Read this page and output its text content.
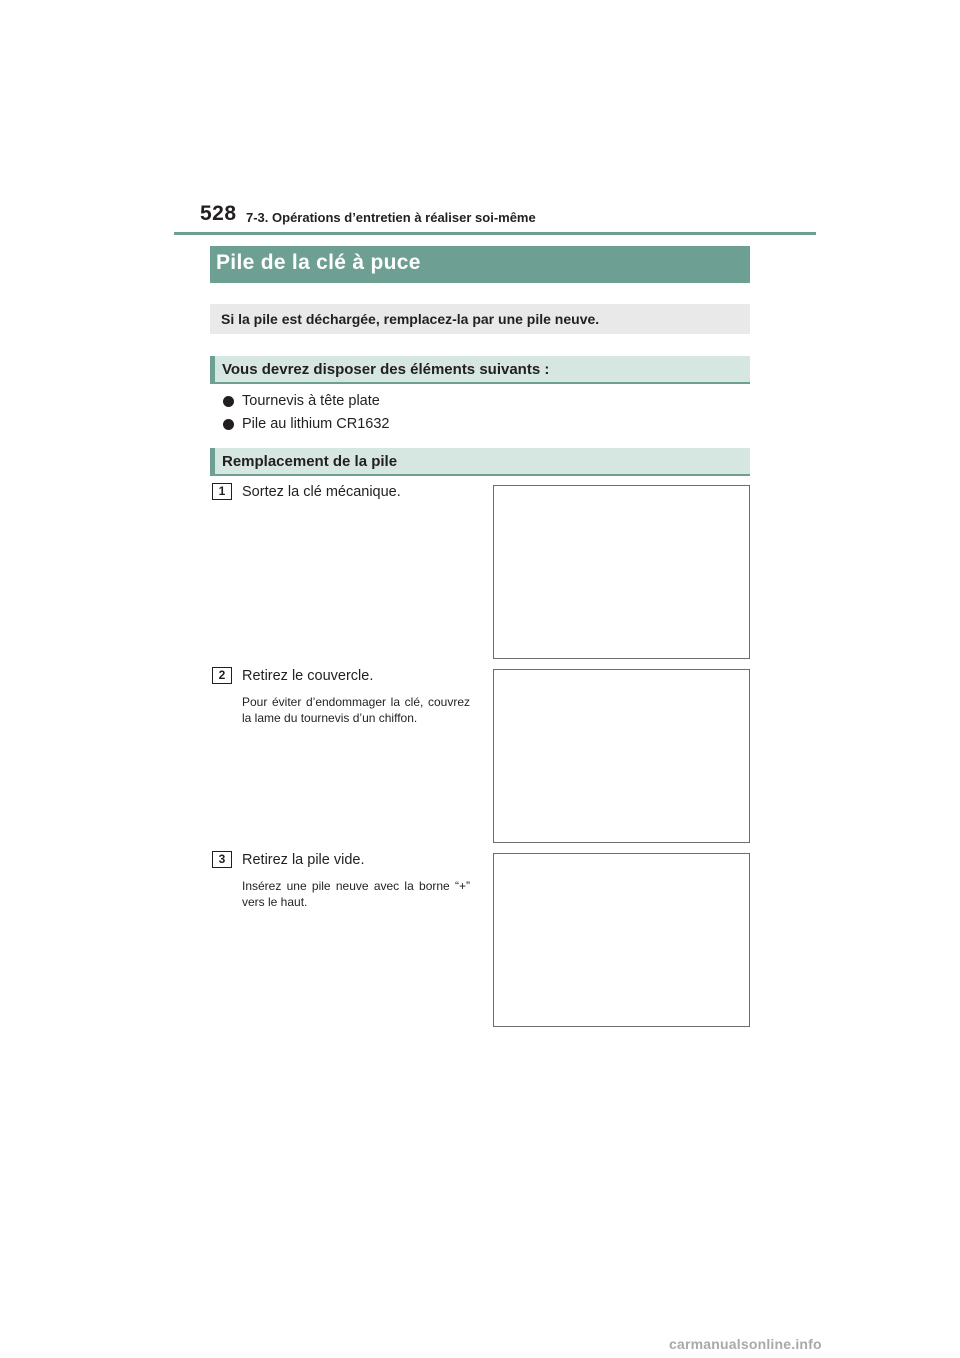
528 7-3. Opérations d’entretien à réaliser soi-même
Pile de la clé à puce
Si la pile est déchargée, remplacez-la par une pile neuve.
Vous devrez disposer des éléments suivants :
Tournevis à tête plate
Pile au lithium CR1632
Remplacement de la pile
1	Sortez la clé mécanique.
2	Retirez le couvercle.
Pour éviter d’endommager la clé, couvrez la lame du tournevis d’un chiffon.
3	Retirez la pile vide.
Insérez une pile neuve avec la borne “+” vers le haut.
carmanualsonline.info
